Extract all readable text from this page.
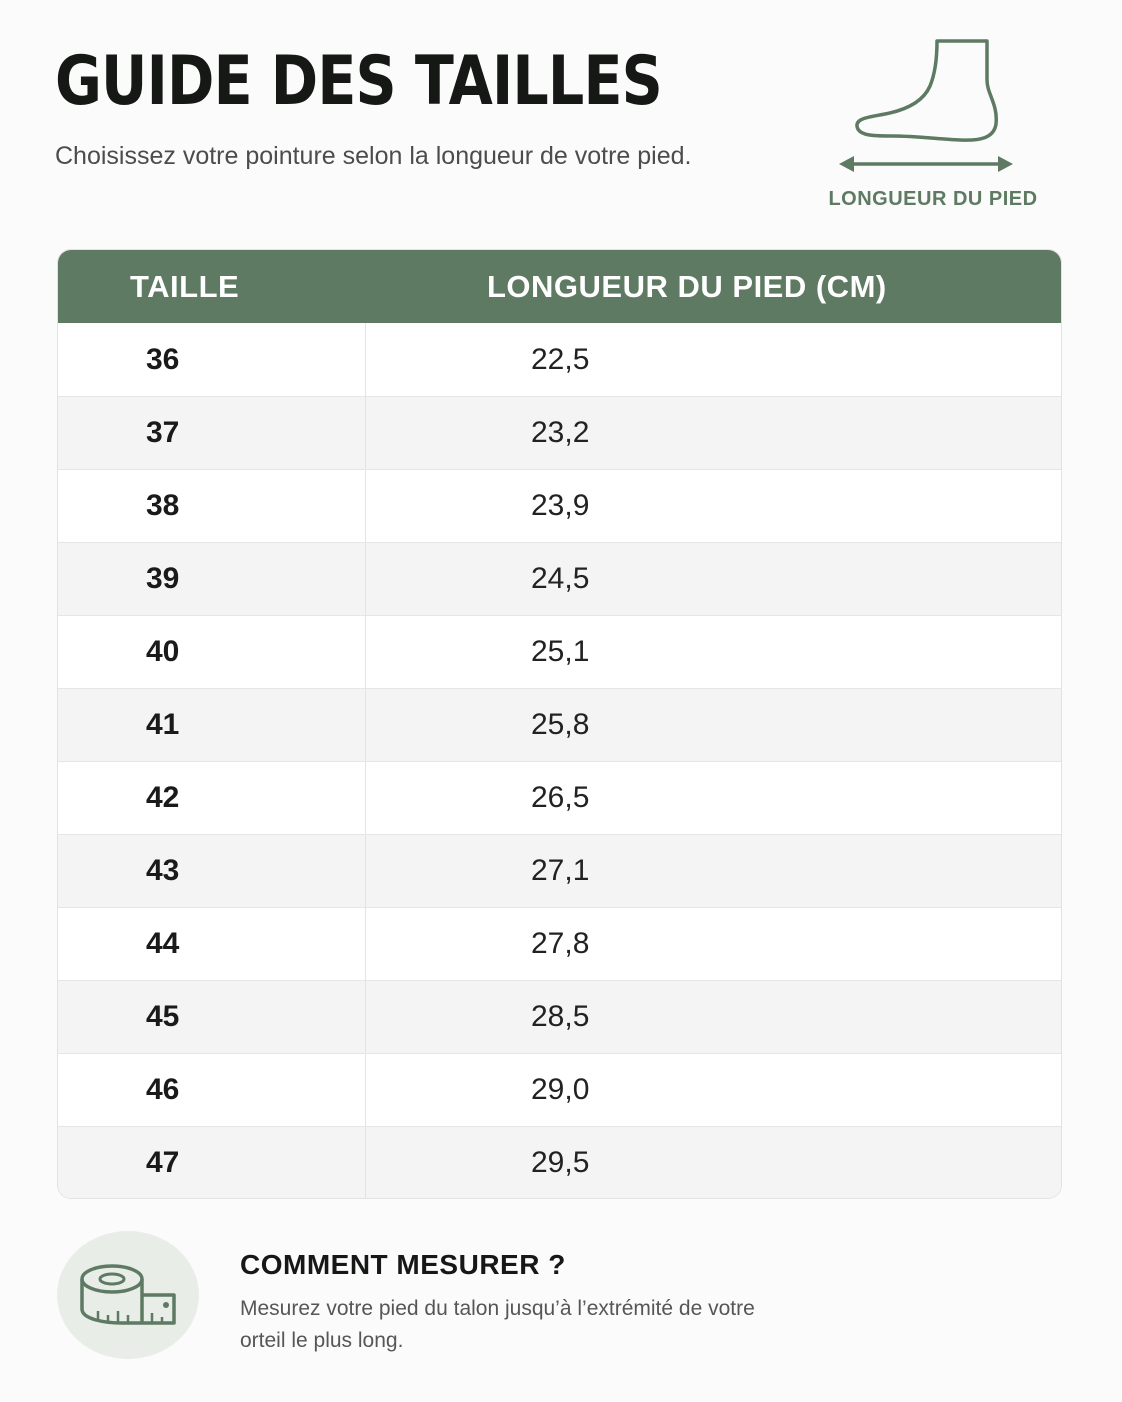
GUIDE DES TAILLES
Choisissez votre pointure selon la longueur de votre pied.
LONGUEUR DU PIED
TAILLE	LONGUEUR DU PIED (CM)
36	22,5
37	23,2
38	23,9
39	24,5
40	25,1
41	25,8
42	26,5
43	27,1
44	27,8
45	28,5
46	29,0
47	29,5
COMMENT MESURER ?
Mesurez votre pied du talon jusqu’à l’extrémité de votre orteil le plus long.
